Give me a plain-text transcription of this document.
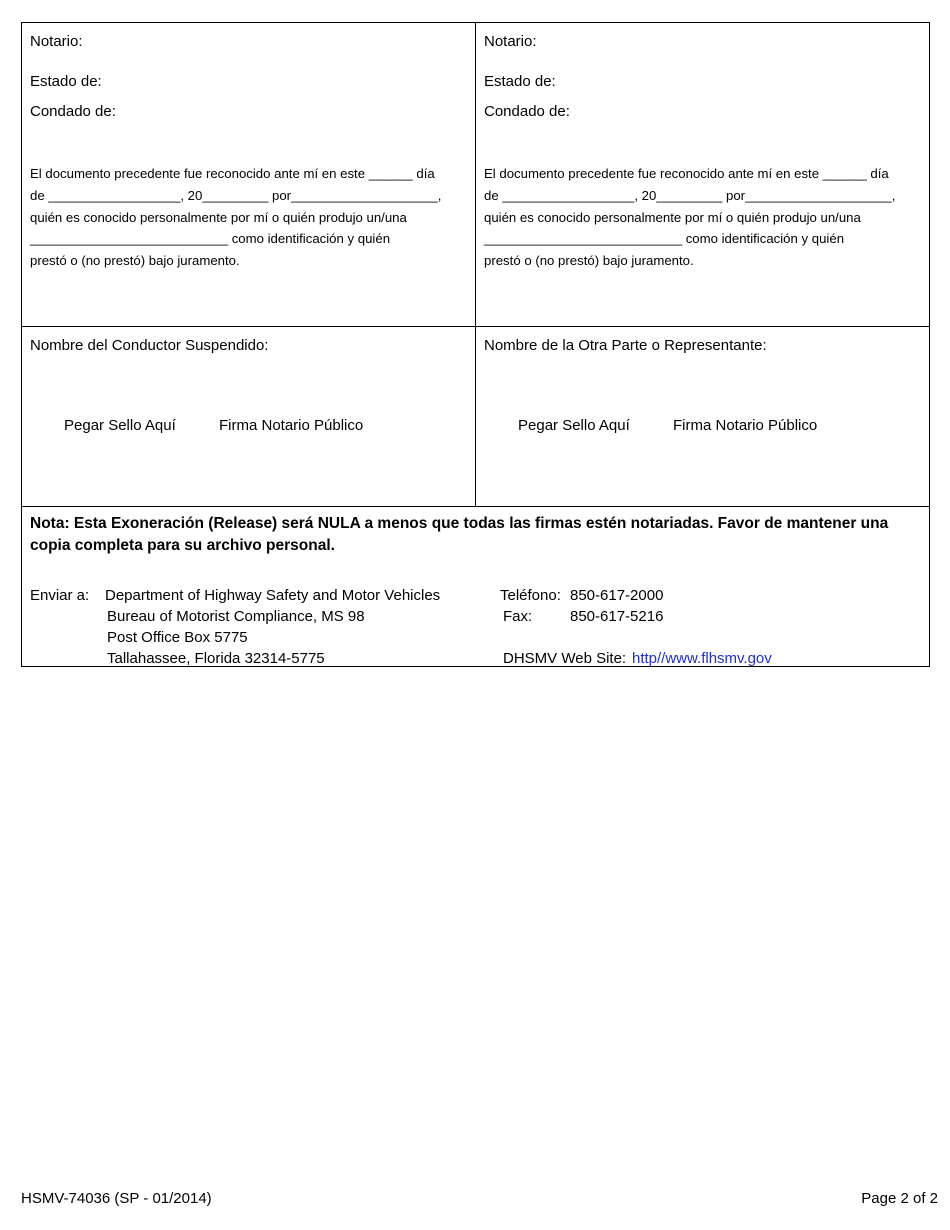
Notario:
Estado de:
Condado de:
El documento precedente fue reconocido ante mí en este ______ día
de __________________, 20_________ por____________________,
quién es conocido personalmente por mí o quién produjo un/una
___________________________ como identificación y quién
prestó o (no prestó) bajo juramento.
Notario:
Estado de:
Condado de:
El documento precedente fue reconocido ante mí en este ______ día
de __________________, 20_________ por____________________,
quién es conocido personalmente por mí o quién produjo un/una
___________________________ como identificación y quién
prestó o (no prestó) bajo juramento.
Nombre del Conductor Suspendido:
Pegar Sello Aquí	Firma Notario Público
Nombre de la Otra Parte o Representante:
Pegar Sello Aquí	Firma Notario Público
Nota: Esta Exoneración (Release) será NULA a menos que todas las firmas estén notariadas. Favor de mantener una copia completa para su archivo personal.
Enviar a: Department of Highway Safety and Motor Vehicles
Bureau of Motorist Compliance, MS 98
Post Office Box 5775
Tallahassee, Florida 32314-5775
Teléfono: 850-617-2000
Fax:	850-617-5216
DHSMV Web Site: http//www.flhsmv.gov
HSMV-74036 (SP - 01/2014)	Page 2 of 2
